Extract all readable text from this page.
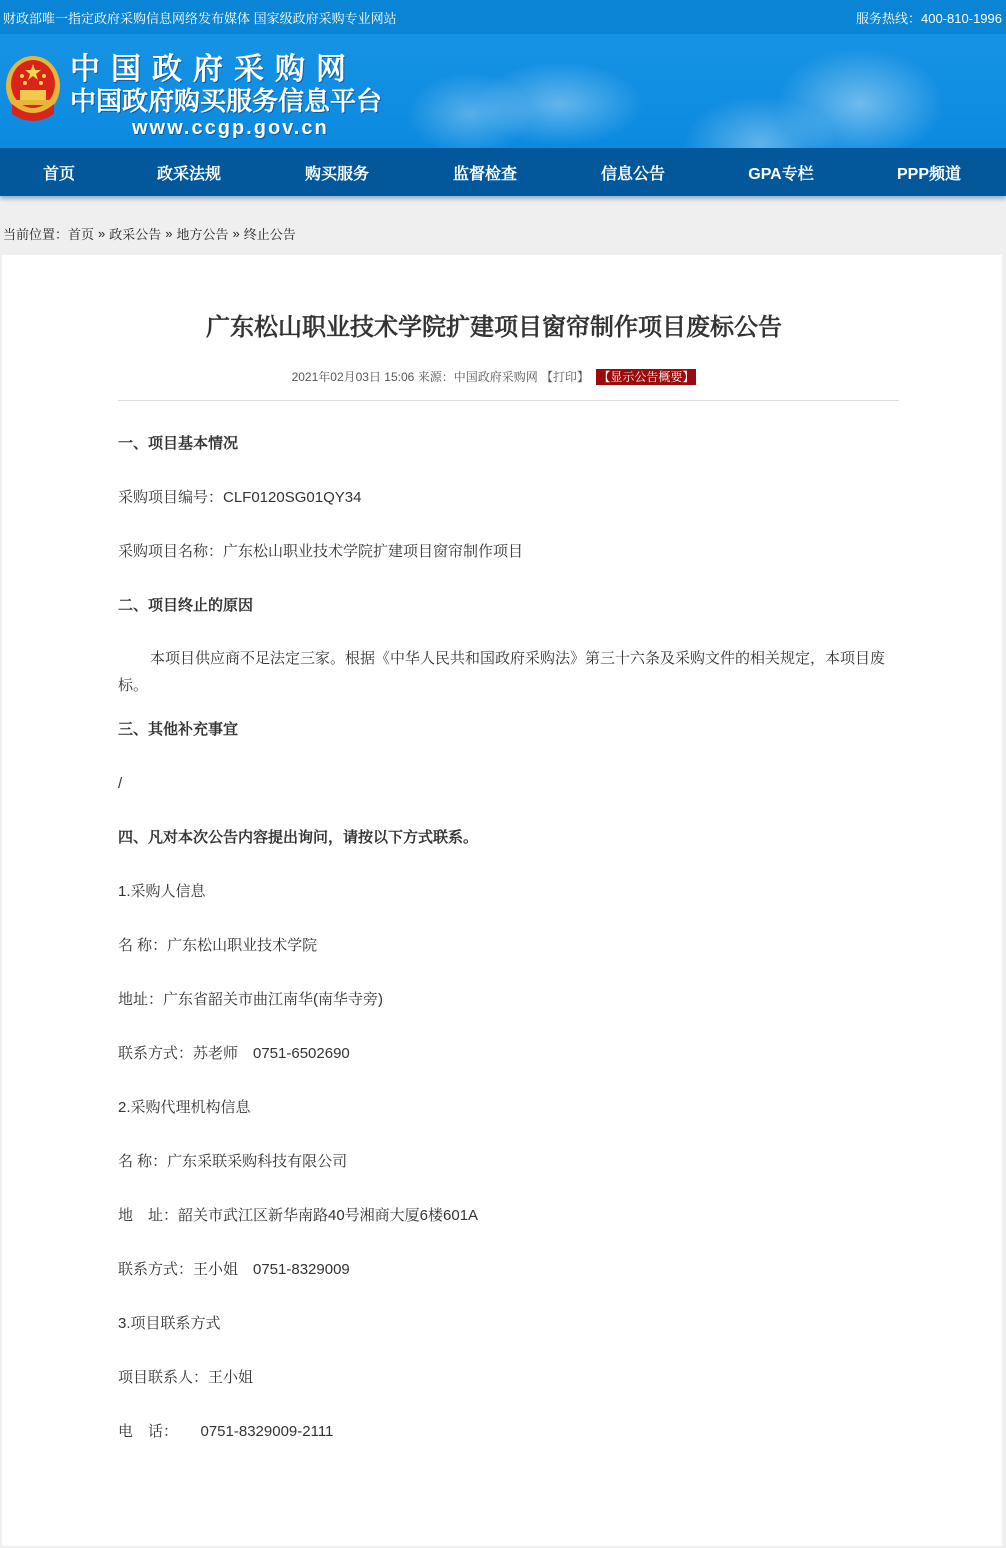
财政部唯一指定政府采购信息网络发布媒体 国家级政府采购专业网站	服务热线：400-810-1996
中国政府采购网
中国政府购买服务信息平台
www.ccgp.gov.cn
首页	政采法规	购买服务	监督检查	信息公告	GPA专栏	PPP频道
当前位置： 首页 » 政采公告 » 地方公告 » 终止公告
广东松山职业技术学院扩建项目窗帘制作项目废标公告
2021年02月03日 15:06 来源：中国政府采购网 【打印】 【显示公告概要】
一、项目基本情况
采购项目编号：CLF0120SG01QY34
采购项目名称：广东松山职业技术学院扩建项目窗帘制作项目
二、项目终止的原因
本项目供应商不足法定三家。根据《中华人民共和国政府采购法》第三十六条及采购文件的相关规定，本项目废标。
三、其他补充事宜
/
四、凡对本次公告内容提出询问，请按以下方式联系。
1.采购人信息
名 称：广东松山职业技术学院
地址：广东省韶关市曲江南华(南华寺旁)
联系方式：苏老师　0751-6502690
2.采购代理机构信息
名 称：广东采联采购科技有限公司
地　址：韶关市武江区新华南路40号湘商大厦6楼601A
联系方式：王小姐　0751-8329009
3.项目联系方式
项目联系人：王小姐
电　话：　　0751-8329009-2111
